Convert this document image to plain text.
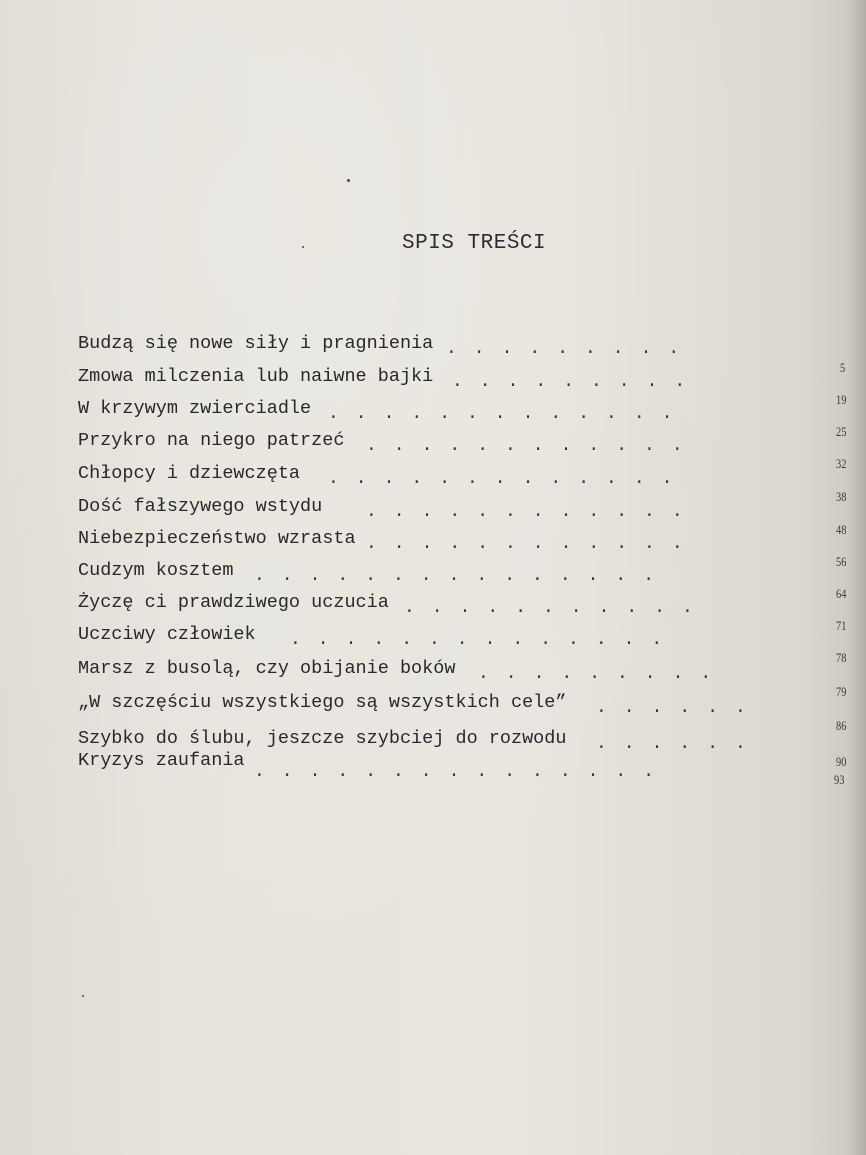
SPIS TREŚCI
Budzą się nowe siły i pragnienia .........
5
Zmowa milczenia lub naiwne bajki .........
19
W krzywym zwierciadle .............
25
Przykro na niego patrzeć ............
32
Chłopcy i dziewczęta .............
38
Dość fałszywego wstydu ............
48
Niebezpieczeństwo wzrasta ............
56
Cudzym kosztem ...............
64
Życzę ci prawdziwego uczucia ...........
71
Uczciwy człowiek ..............
78
Marsz z busolą, czy obijanie boków .........
79
„W szczęściu wszystkiego są wszystkich cele” ......
86
Szybko do ślubu, jeszcze szybciej do rozwodu ......
90
Kryzys zaufania
...............	93
